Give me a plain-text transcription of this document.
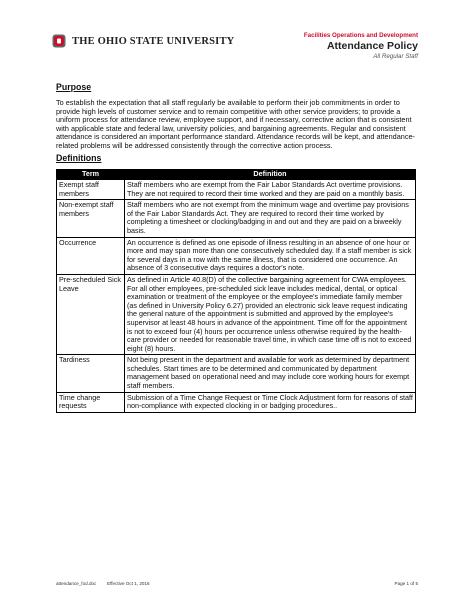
THE OHIO STATE UNIVERSITY	Facilities Operations and Development
Attendance Policy
All Regular Staff
Purpose

To establish the expectation that all staff regularly be available to perform their job commitments in order to provide high levels of customer service and to remain competitive with other service providers; to provide a uniform process for attendance review, employee support, and if necessary, corrective action that is consistent with applicable state and federal law, university policies, and bargaining agreements. Regular and consistent attendance is considered an important performance standard. Attendance records will be kept, and attendance-related problems will be addressed consistently through the corrective action process.

Definitions
Term	Definition
Exempt staff members	Staff members who are exempt from the Fair Labor Standards Act overtime provisions. They are not required to record their time worked and they are paid on a monthly basis.
Non-exempt staff members	Staff members who are not exempt from the minimum wage and overtime pay provisions of the Fair Labor Standards Act. They are required to record their time worked by completing a timesheet or clocking/badging in and out and they are paid on a biweekly basis.
Occurrence	An occurrence is defined as one episode of illness resulting in an absence of one hour or more and may span more than one consecutively scheduled day. If a staff member is sick for several days in a row with the same illness, that is considered one occurrence. An absence of 3 consecutive days requires a doctor's note.
Pre-scheduled Sick Leave	As defined in Article 40.8(D) of the collective bargaining agreement for CWA employees. For all other employees, pre-scheduled sick leave includes medical, dental, or optical examination or treatment of the employee or the employee's immediate family member (as defined in University Policy 6.27) provided an electronic sick leave request indicating the general nature of the appointment is submitted and approved by the employee's supervisor at least 48 hours in advance of the appointment. Time off for the appointment is not to exceed four (4) hours per occurrence unless otherwise required by the health-care provider or needed for reasonable travel time, in which case time off is not to exceed eight (8) hours.
Tardiness	Not being present in the department and available for work as determined by department schedules. Start times are to be determined and communicated by department management based on operational need and may include core working hours for exempt staff members.
Time change requests	Submission of a Time Change Request or Time Clock Adjustment form for reasons of staff non-compliance with expected clocking in or badging procedures..
attendance_fod.doc Effective Oct 1, 2016	Page 1 of 5
